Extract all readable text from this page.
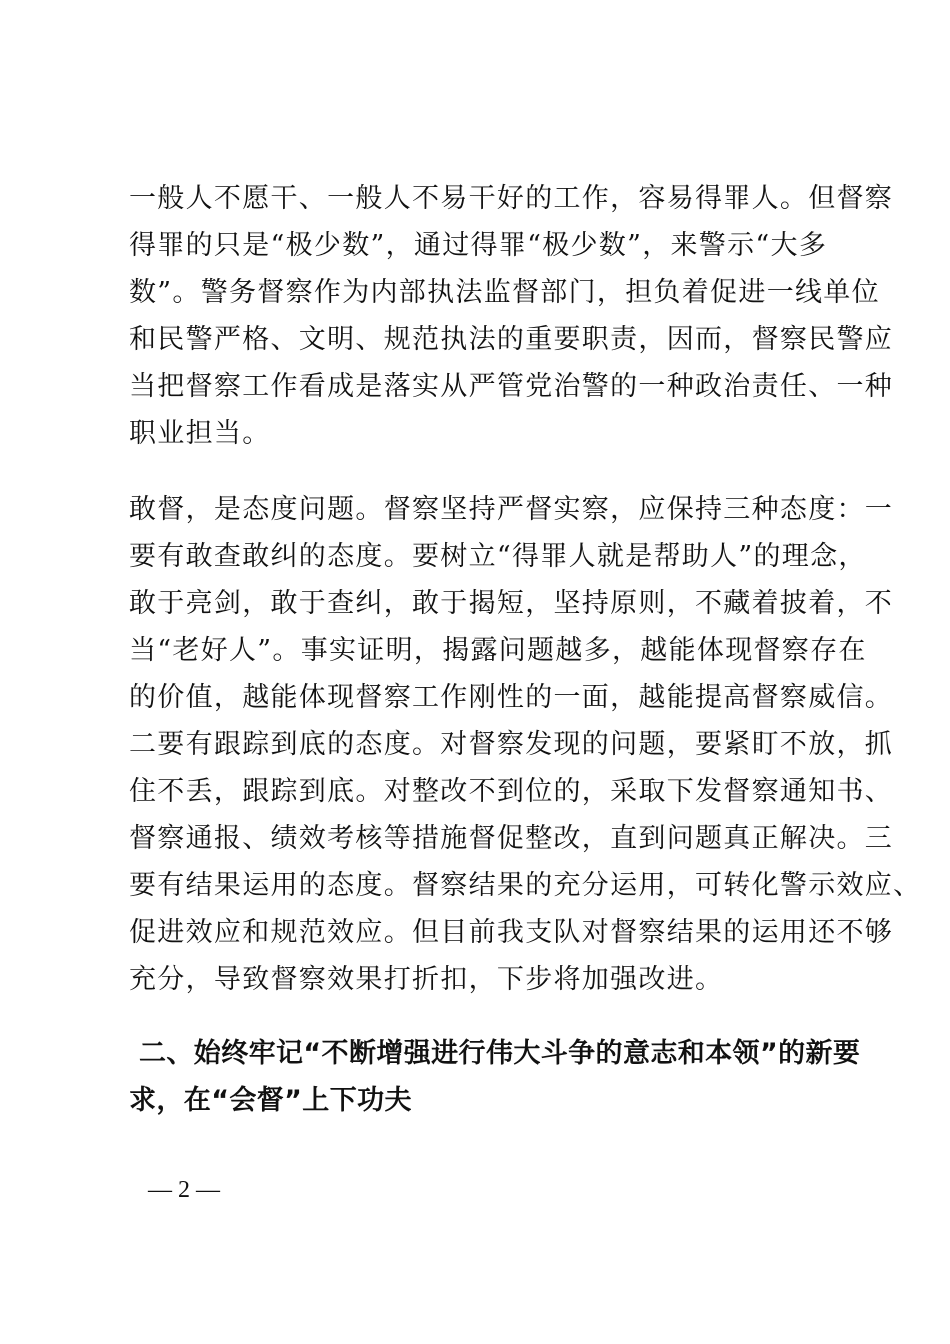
一般人不愿干、一般人不易干好的工作，容易得罪人。但督察
得罪的只是“极少数”，通过得罪“极少数”，来警示“大多
数”。警务督察作为内部执法监督部门，担负着促进一线单位
和民警严格、文明、规范执法的重要职责，因而，督察民警应
当把督察工作看成是落实从严管党治警的一种政治责任、一种
职业担当。
敢督，是态度问题。督察坚持严督实察，应保持三种态度：一
要有敢查敢纠的态度。要树立“得罪人就是帮助人”的理念，
敢于亮剑，敢于查纠，敢于揭短，坚持原则，不藏着披着，不
当“老好人”。事实证明，揭露问题越多，越能体现督察存在
的价值，越能体现督察工作刚性的一面，越能提高督察威信。
二要有跟踪到底的态度。对督察发现的问题，要紧盯不放，抓
住不丢，跟踪到底。对整改不到位的，采取下发督察通知书、
督察通报、绩效考核等措施督促整改，直到问题真正解决。三
要有结果运用的态度。督察结果的充分运用，可转化警示效应、
促进效应和规范效应。但目前我支队对督察结果的运用还不够
充分，导致督察效果打折扣，下步将加强改进。
二、始终牢记“不断增强进行伟大斗争的意志和本领”的新要
求，在“会督”上下功夫
— 2 —
